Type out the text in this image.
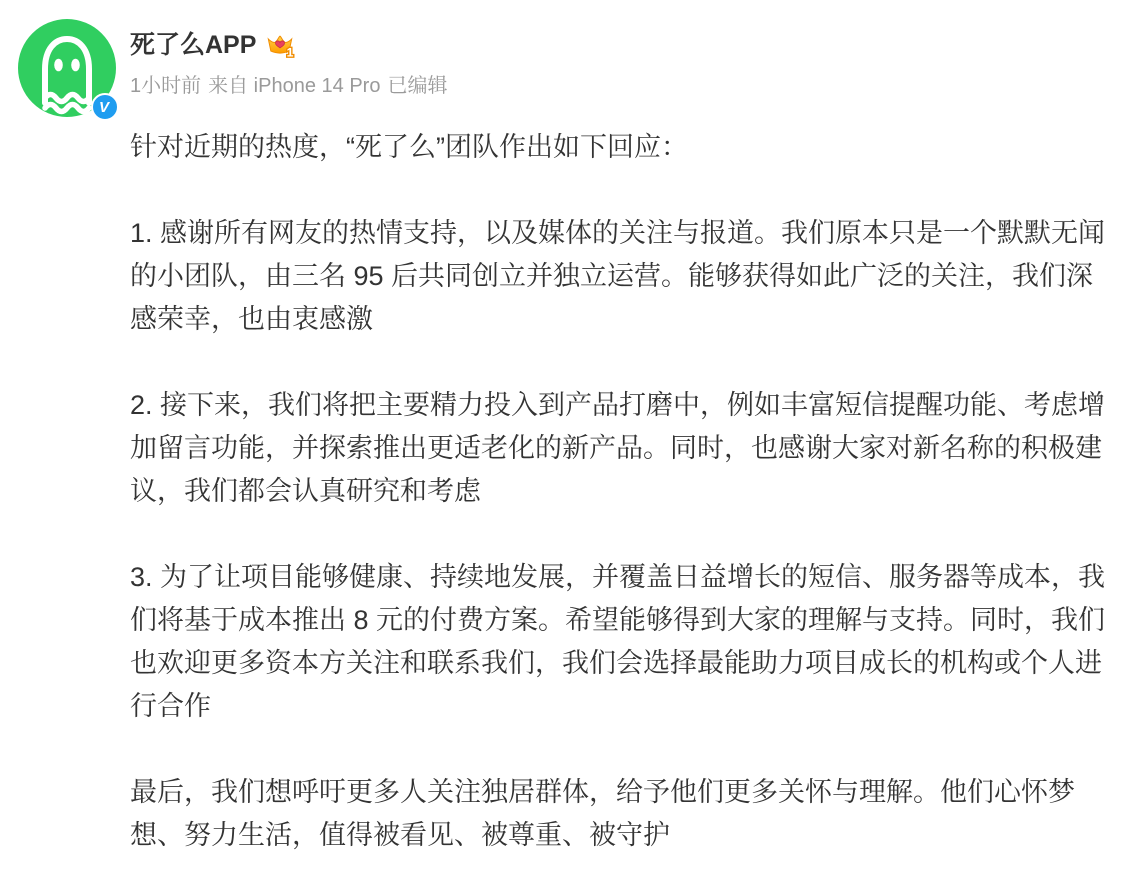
V
死了么APP 1
1小时前 来自 iPhone 14 Pro 已编辑

针对近期的热度，“死了么”团队作出如下回应：

1. 感谢所有网友的热情支持，以及媒体的关注与报道。我们原本只是一个默默无闻的小团队，由三名 95 后共同创立并独立运营。能够获得如此广泛的关注，我们深感荣幸，也由衷感激

2. 接下来，我们将把主要精力投入到产品打磨中，例如丰富短信提醒功能、考虑增加留言功能，并探索推出更适老化的新产品。同时，也感谢大家对新名称的积极建议，我们都会认真研究和考虑

3. 为了让项目能够健康、持续地发展，并覆盖日益增长的短信、服务器等成本，我们将基于成本推出 8 元的付费方案。希望能够得到大家的理解与支持。同时，我们也欢迎更多资本方关注和联系我们，我们会选择最能助力项目成长的机构或个人进行合作

最后，我们想呼吁更多人关注独居群体，给予他们更多关怀与理解。他们心怀梦想、努力生活，值得被看见、被尊重、被守护
